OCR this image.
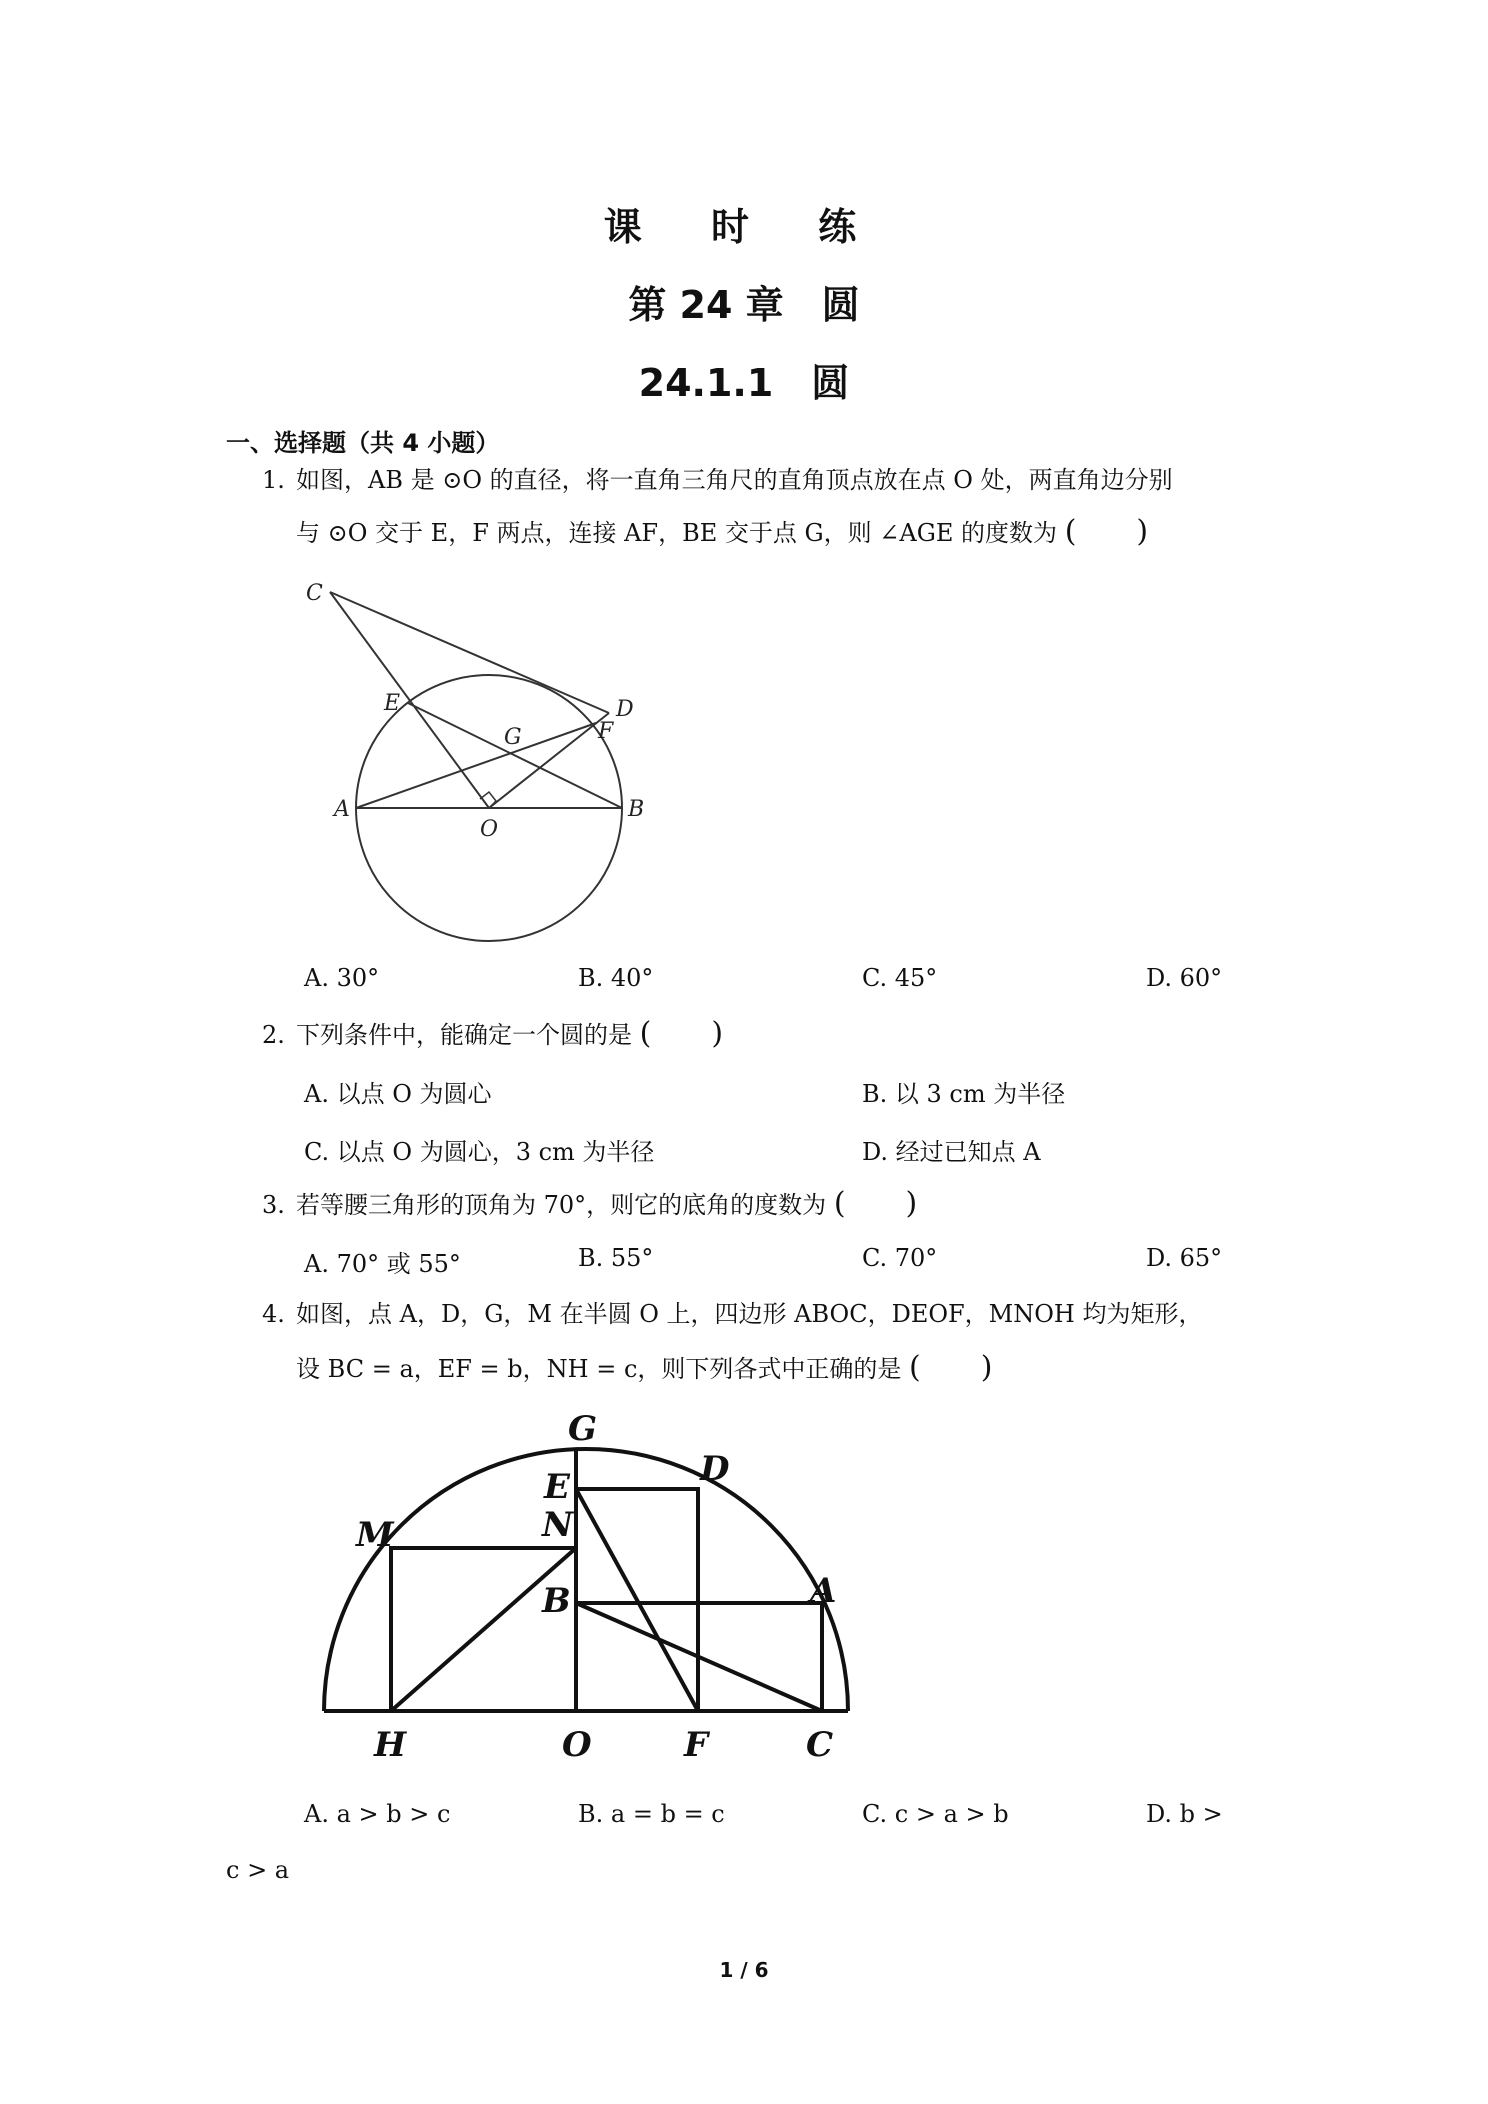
课 时 练
第 24 章　圆
24.1.1　圆
一、选择题（共 4 小题）
1. 如图，AB 是 ⊙O 的直径，将一直角三角尺的直角顶点放在点 O 处，两直角边分别
与 ⊙O 交于 E，F 两点，连接 AF，BE 交于点 G，则 ∠AGE 的度数为 (　　)
C
E	D
F
G
A
O
B
A. 30°	B. 40°	C. 45°	D. 60°
2. 下列条件中，能确定一个圆的是 (　　)
A. 以点 O 为圆心	B. 以 3 cm 为半径
C. 以点 O 为圆心，3 cm 为半径	D. 经过已知点 A
3. 若等腰三角形的顶角为 70°，则它的底角的度数为 (　　)
A. 70° 或 55°	B. 55°	C. 70°	D. 65°
4. 如图，点 A，D，G，M 在半圆 O 上，四边形 ABOC，DEOF，MNOH 均为矩形，
设 BC = a，EF = b，NH = c，则下列各式中正确的是 (　　)
G
D
E
M	N
B	A
H	O	F	C
A. a > b > c	B. a = b = c	C. c > a > b	D. b >
c > a
1 / 6
